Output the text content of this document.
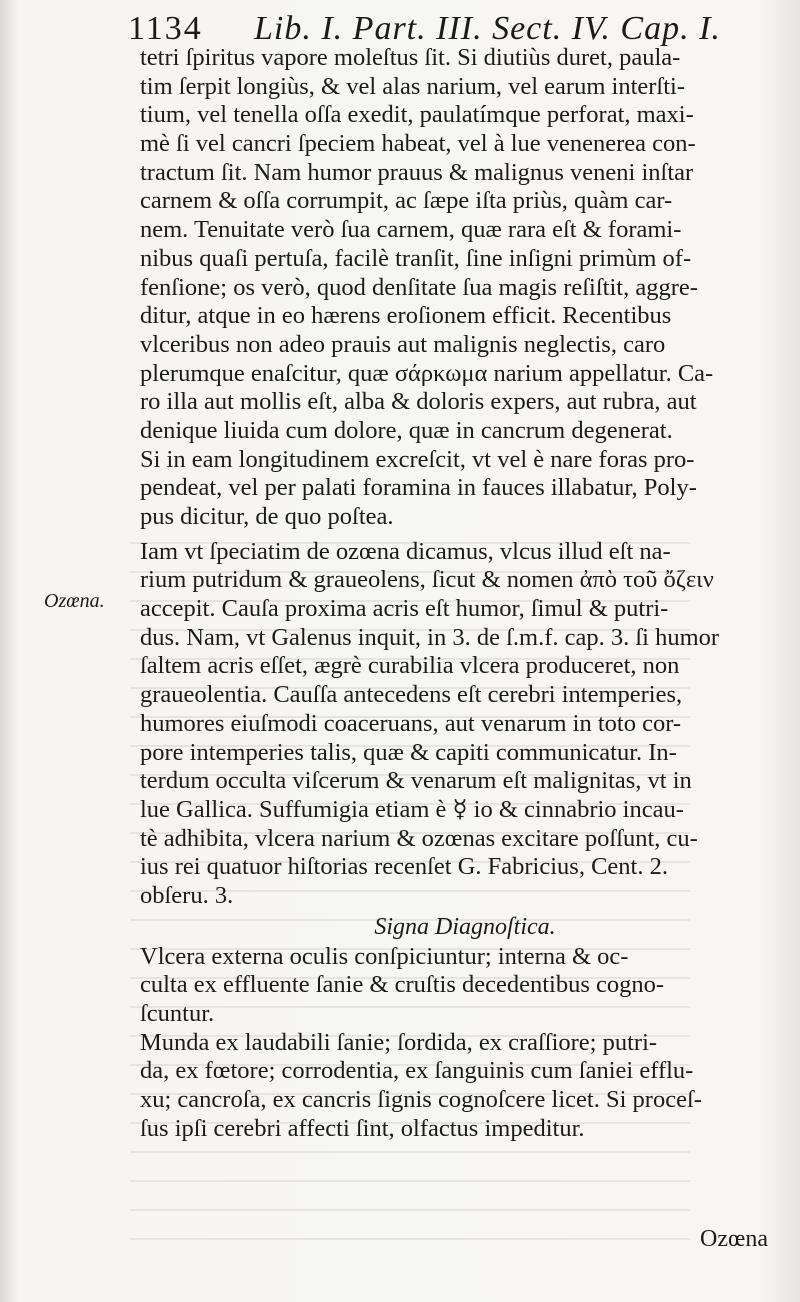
1134 Lib. I. Part. III. Sect. IV. Cap. I.
Ozœna.
tetri ſpiritus vapore moleſtus ſit. Si diutiùs duret, paula-
tim ſerpit longiùs, & vel alas narium, vel earum interſti-
tium, vel tenella oſſa exedit, paulatímque perforat, maxi-
mè ſi vel cancri ſpeciem habeat, vel à lue venenerea con-
tractum ſit. Nam humor prauus & malignus veneni inſtar
carnem & oſſa corrumpit, ac ſæpe iſta priùs, quàm car-
nem. Tenuitate verò ſua carnem, quæ rara eſt & forami-
nibus quaſi pertuſa, facilè tranſit, ſine inſigni primùm of-
fenſione; os verò, quod denſitate ſua magis reſiſtit, aggre-
ditur, atque in eo hærens eroſionem efficit. Recentibus
vlceribus non adeo prauis aut malignis neglectis, caro
plerumque enaſcitur, quæ σάρκωμα narium appellatur. Ca-
ro illa aut mollis eſt, alba & doloris expers, aut rubra, aut
denique liuida cum dolore, quæ in cancrum degenerat.
Si in eam longitudinem excreſcit, vt vel è nare foras pro-
pendeat, vel per palati foramina in fauces illabatur, Poly-
pus dicitur, de quo poſtea.
Iam vt ſpeciatim de ozœna dicamus, vlcus illud eſt na-
rium putridum & graueolens, ſicut & nomen ἀπὸ τοῦ ὄζειν
accepit. Cauſa proxima acris eſt humor, ſimul & putri-
dus. Nam, vt Galenus inquit, in 3. de ſ.m.f. cap. 3. ſi humor
ſaltem acris eſſet, ægrè curabilia vlcera produceret, non
graueolentia. Cauſſa antecedens eſt cerebri intemperies,
humores eiuſmodi coaceruans, aut venarum in toto cor-
pore intemperies talis, quæ & capiti communicatur. In-
terdum occulta viſcerum & venarum eſt malignitas, vt in
lue Gallica. Suffumigia etiam è ☿ io & cinnabrio incau-
tè adhibita, vlcera narium & ozœnas excitare poſſunt, cu-
ius rei quatuor hiſtorias recenſet G. Fabricius, Cent. 2.
obſeru. 3.
Signa Diagnoſtica.
Vlcera externa oculis conſpiciuntur; interna & oc-
culta ex effluente ſanie & cruſtis decedentibus cogno-
ſcuntur.
Munda ex laudabili ſanie; ſordida, ex craſſiore; putri-
da, ex fœtore; corrodentia, ex ſanguinis cum ſaniei efflu-
xu; cancroſa, ex cancris ſignis cognoſcere licet. Si proceſ-
ſus ipſi cerebri affecti ſint, olfactus impeditur.
Ozœna
